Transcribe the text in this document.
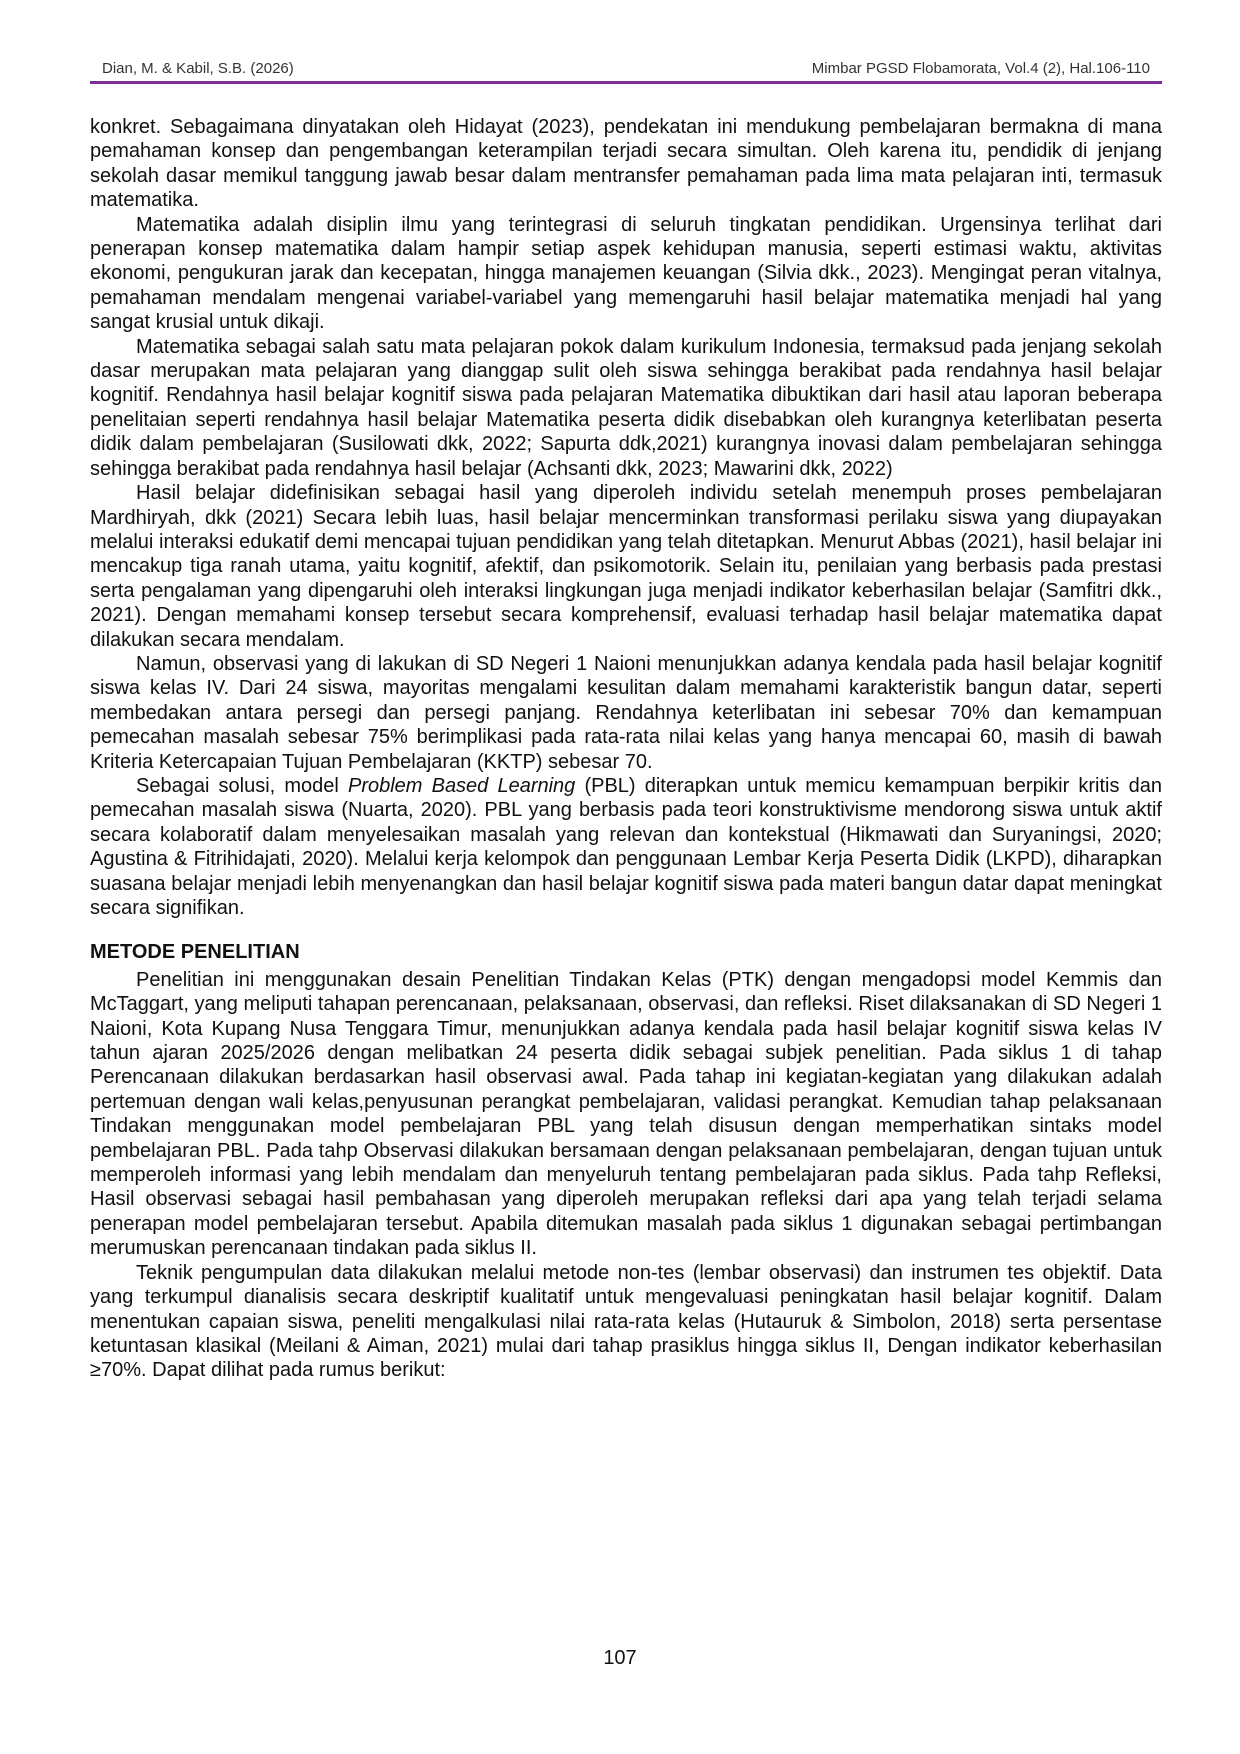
Dian, M. & Kabil, S.B. (2026)	Mimbar PGSD Flobamorata, Vol.4 (2), Hal.106-110

konkret. Sebagaimana dinyatakan oleh Hidayat (2023), pendekatan ini mendukung pembelajaran bermakna di mana pemahaman konsep dan pengembangan keterampilan terjadi secara simultan. Oleh karena itu, pendidik di jenjang sekolah dasar memikul tanggung jawab besar dalam mentransfer pemahaman pada lima mata pelajaran inti, termasuk matematika.

Matematika adalah disiplin ilmu yang terintegrasi di seluruh tingkatan pendidikan. Urgensinya terlihat dari penerapan konsep matematika dalam hampir setiap aspek kehidupan manusia, seperti estimasi waktu, aktivitas ekonomi, pengukuran jarak dan kecepatan, hingga manajemen keuangan (Silvia dkk., 2023). Mengingat peran vitalnya, pemahaman mendalam mengenai variabel-variabel yang memengaruhi hasil belajar matematika menjadi hal yang sangat krusial untuk dikaji.

Matematika sebagai salah satu mata pelajaran pokok dalam kurikulum Indonesia, termaksud pada jenjang sekolah dasar merupakan mata pelajaran yang dianggap sulit oleh siswa sehingga berakibat pada rendahnya hasil belajar kognitif. Rendahnya hasil belajar kognitif siswa pada pelajaran Matematika dibuktikan dari hasil atau laporan beberapa penelitaian seperti rendahnya hasil belajar Matematika peserta didik disebabkan oleh kurangnya keterlibatan peserta didik dalam pembelajaran (Susilowati dkk, 2022; Sapurta ddk,2021) kurangnya inovasi dalam pembelajaran sehingga sehingga berakibat pada rendahnya hasil belajar (Achsanti dkk, 2023; Mawarini dkk, 2022)

Hasil belajar didefinisikan sebagai hasil yang diperoleh individu setelah menempuh proses pembelajaran Mardhiryah, dkk (2021) Secara lebih luas, hasil belajar mencerminkan transformasi perilaku siswa yang diupayakan melalui interaksi edukatif demi mencapai tujuan pendidikan yang telah ditetapkan. Menurut Abbas (2021), hasil belajar ini mencakup tiga ranah utama, yaitu kognitif, afektif, dan psikomotorik. Selain itu, penilaian yang berbasis pada prestasi serta pengalaman yang dipengaruhi oleh interaksi lingkungan juga menjadi indikator keberhasilan belajar (Samfitri dkk., 2021). Dengan memahami konsep tersebut secara komprehensif, evaluasi terhadap hasil belajar matematika dapat dilakukan secara mendalam.

Namun, observasi yang di lakukan di SD Negeri 1 Naioni menunjukkan adanya kendala pada hasil belajar kognitif siswa kelas IV. Dari 24 siswa, mayoritas mengalami kesulitan dalam memahami karakteristik bangun datar, seperti membedakan antara persegi dan persegi panjang. Rendahnya keterlibatan ini sebesar 70% dan kemampuan pemecahan masalah sebesar 75% berimplikasi pada rata-rata nilai kelas yang hanya mencapai 60, masih di bawah Kriteria Ketercapaian Tujuan Pembelajaran (KKTP) sebesar 70.

Sebagai solusi, model Problem Based Learning (PBL) diterapkan untuk memicu kemampuan berpikir kritis dan pemecahan masalah siswa (Nuarta, 2020). PBL yang berbasis pada teori konstruktivisme mendorong siswa untuk aktif secara kolaboratif dalam menyelesaikan masalah yang relevan dan kontekstual (Hikmawati dan Suryaningsi, 2020; Agustina & Fitrihidajati, 2020). Melalui kerja kelompok dan penggunaan Lembar Kerja Peserta Didik (LKPD), diharapkan suasana belajar menjadi lebih menyenangkan dan hasil belajar kognitif siswa pada materi bangun datar dapat meningkat secara signifikan.

METODE PENELITIAN

Penelitian ini menggunakan desain Penelitian Tindakan Kelas (PTK) dengan mengadopsi model Kemmis dan McTaggart, yang meliputi tahapan perencanaan, pelaksanaan, observasi, dan refleksi. Riset dilaksanakan di SD Negeri 1 Naioni, Kota Kupang Nusa Tenggara Timur, menunjukkan adanya kendala pada hasil belajar kognitif siswa kelas IV tahun ajaran 2025/2026 dengan melibatkan 24 peserta didik sebagai subjek penelitian. Pada siklus 1 di tahap Perencanaan dilakukan berdasarkan hasil observasi awal. Pada tahap ini kegiatan-kegiatan yang dilakukan adalah pertemuan dengan wali kelas,penyusunan perangkat pembelajaran, validasi perangkat. Kemudian tahap pelaksanaan Tindakan menggunakan model pembelajaran PBL yang telah disusun dengan memperhatikan sintaks model pembelajaran PBL. Pada tahp Observasi dilakukan bersamaan dengan pelaksanaan pembelajaran, dengan tujuan untuk memperoleh informasi yang lebih mendalam dan menyeluruh tentang pembelajaran pada siklus. Pada tahp Refleksi, Hasil observasi sebagai hasil pembahasan yang diperoleh merupakan refleksi dari apa yang telah terjadi selama penerapan model pembelajaran tersebut. Apabila ditemukan masalah pada siklus 1 digunakan sebagai pertimbangan merumuskan perencanaan tindakan pada siklus II.

Teknik pengumpulan data dilakukan melalui metode non-tes (lembar observasi) dan instrumen tes objektif. Data yang terkumpul dianalisis secara deskriptif kualitatif untuk mengevaluasi peningkatan hasil belajar kognitif. Dalam menentukan capaian siswa, peneliti mengalkulasi nilai rata-rata kelas (Hutauruk & Simbolon, 2018) serta persentase ketuntasan klasikal (Meilani & Aiman, 2021) mulai dari tahap prasiklus hingga siklus II, Dengan indikator keberhasilan ≥70%. Dapat dilihat pada rumus berikut:

107
